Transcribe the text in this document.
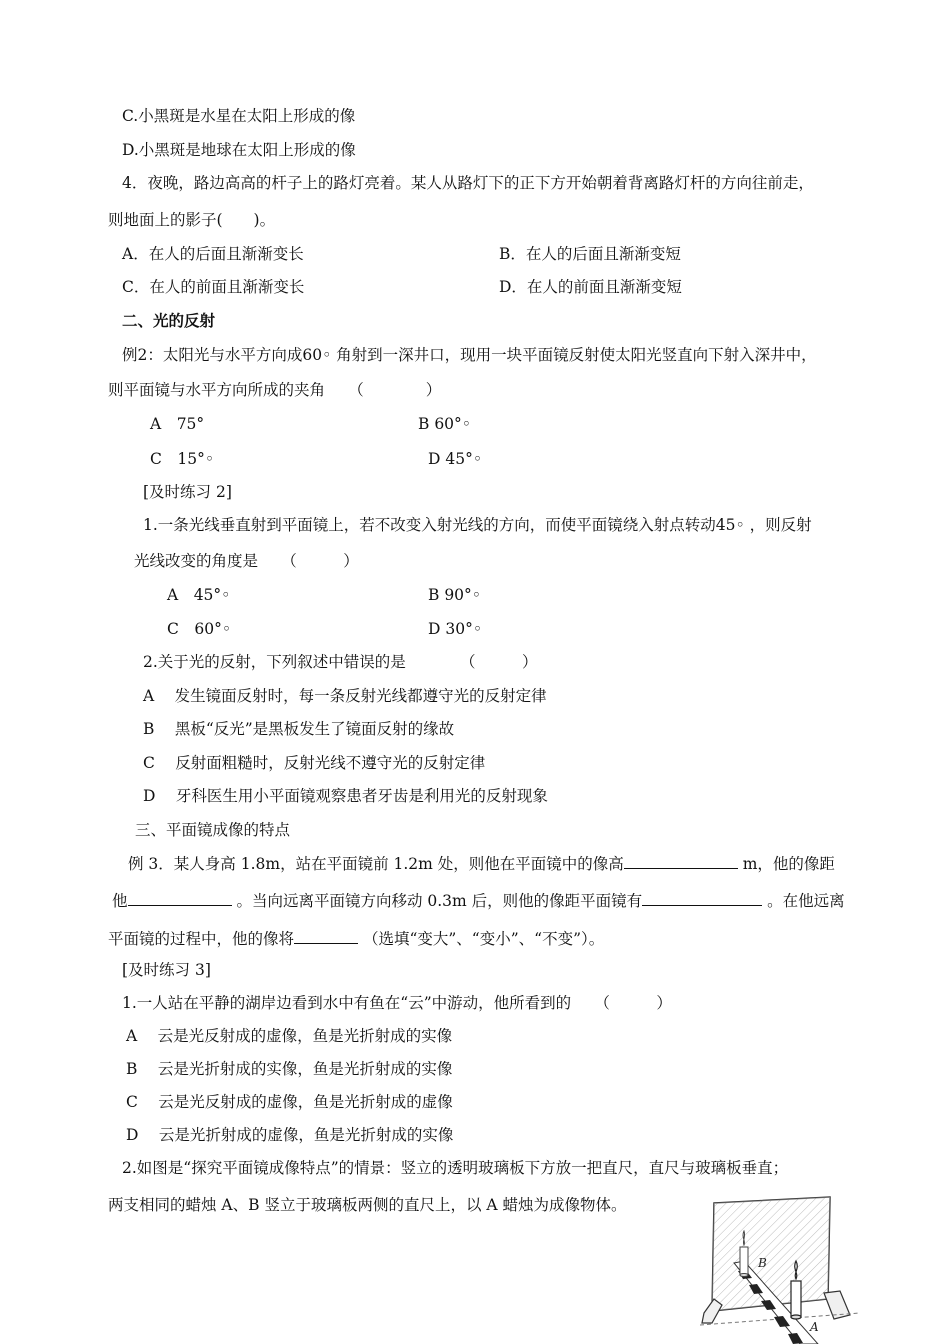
C.小黑斑是水星在太阳上形成的像
D.小黑斑是地球在太阳上形成的像
4．夜晚，路边高高的杆子上的路灯亮着。某人从路灯下的正下方开始朝着背离路灯杆的方向往前走，
则地面上的影子(　　)。
A．在人的后面且渐渐变长	B．在人的后面且渐渐变短
C．在人的前面且渐渐变长	D．在人的前面且渐渐变短
二、光的反射
例2：太阳光与水平方向成60◦ 角射到一深井口，现用一块平面镜反射使太阳光竖直向下射入深井中，
则平面镜与水平方向所成的夹角　　（　　　　）
A　75°	B 60°◦
C　15°◦	D 45°◦
[及时练习 2]
1.一条光线垂直射到平面镜上，若不改变入射光线的方向，而使平面镜绕入射点转动45◦ ，则反射
光线改变的角度是　　（　　　）
A　45°◦	B 90°◦
C　60°◦	D 30°◦
2.关于光的反射，下列叙述中错误的是　　　　（　　　）
A　 发生镜面反射时，每一条反射光线都遵守光的反射定律
B　 黑板“反光”是黑板发生了镜面反射的缘故
C　 反射面粗糙时，反射光线不遵守光的反射定律
D　 牙科医生用小平面镜观察患者牙齿是利用光的反射现象
三、平面镜成像的特点
例 3．某人身高 1.8m，站在平面镜前 1.2m 处，则他在平面镜中的像高	m，他的像距
他	。当向远离平面镜方向移动 0.3m 后，则他的像距平面镜有	。在他远离
平面镜的过程中，他的像将	（选填“变大”、“变小”、“不变”）。
[及时练习 3]
1.一人站在平静的湖岸边看到水中有鱼在“云”中游动，他所看到的　　（　　　）
A　 云是光反射成的虚像，鱼是光折射成的实像
B　 云是光折射成的实像，鱼是光折射成的实像
C　 云是光反射成的虚像，鱼是光折射成的虚像
D　 云是光折射成的虚像，鱼是光折射成的实像
2.如图是“探究平面镜成像特点”的情景：竖立的透明玻璃板下方放一把直尺，直尺与玻璃板垂直；
两支相同的蜡烛 A、B 竖立于玻璃板两侧的直尺上，以 A 蜡烛为成像物体。
B
A
